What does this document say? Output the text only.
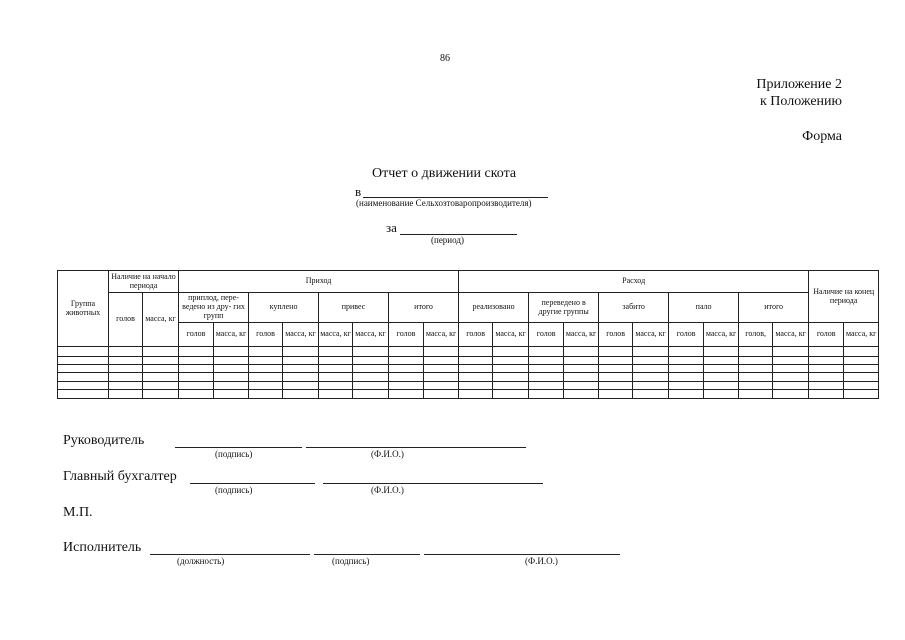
86
Приложение 2
к Положению
Форма
Отчет о движении скота
в
(наименование Сельхозтоваропроизводителя)
за
(период)
Группа животных	Наличие на начало периода		Приход								Расход										Наличие на конец периода	
	голов	масса, кг	приплод, пере- ведено из дру- гих групп		куплено		привес		итого		реализовано		переведено в другие группы		забито		пало		итого			
			голов	масса, кг	голов	масса, кг	масса, кг	масса, кг	голов	масса, кг	голов	масса, кг	голов	масса, кг	голов	масса, кг	голов	масса, кг	голов,	масса, кг	голов	масса, кг

Руководитель
(подпись)	(Ф.И.О.)
Главный бухгалтер
(подпись)	(Ф.И.О.)
М.П.
Исполнитель
(должность)	(подпись)	(Ф.И.О.)
